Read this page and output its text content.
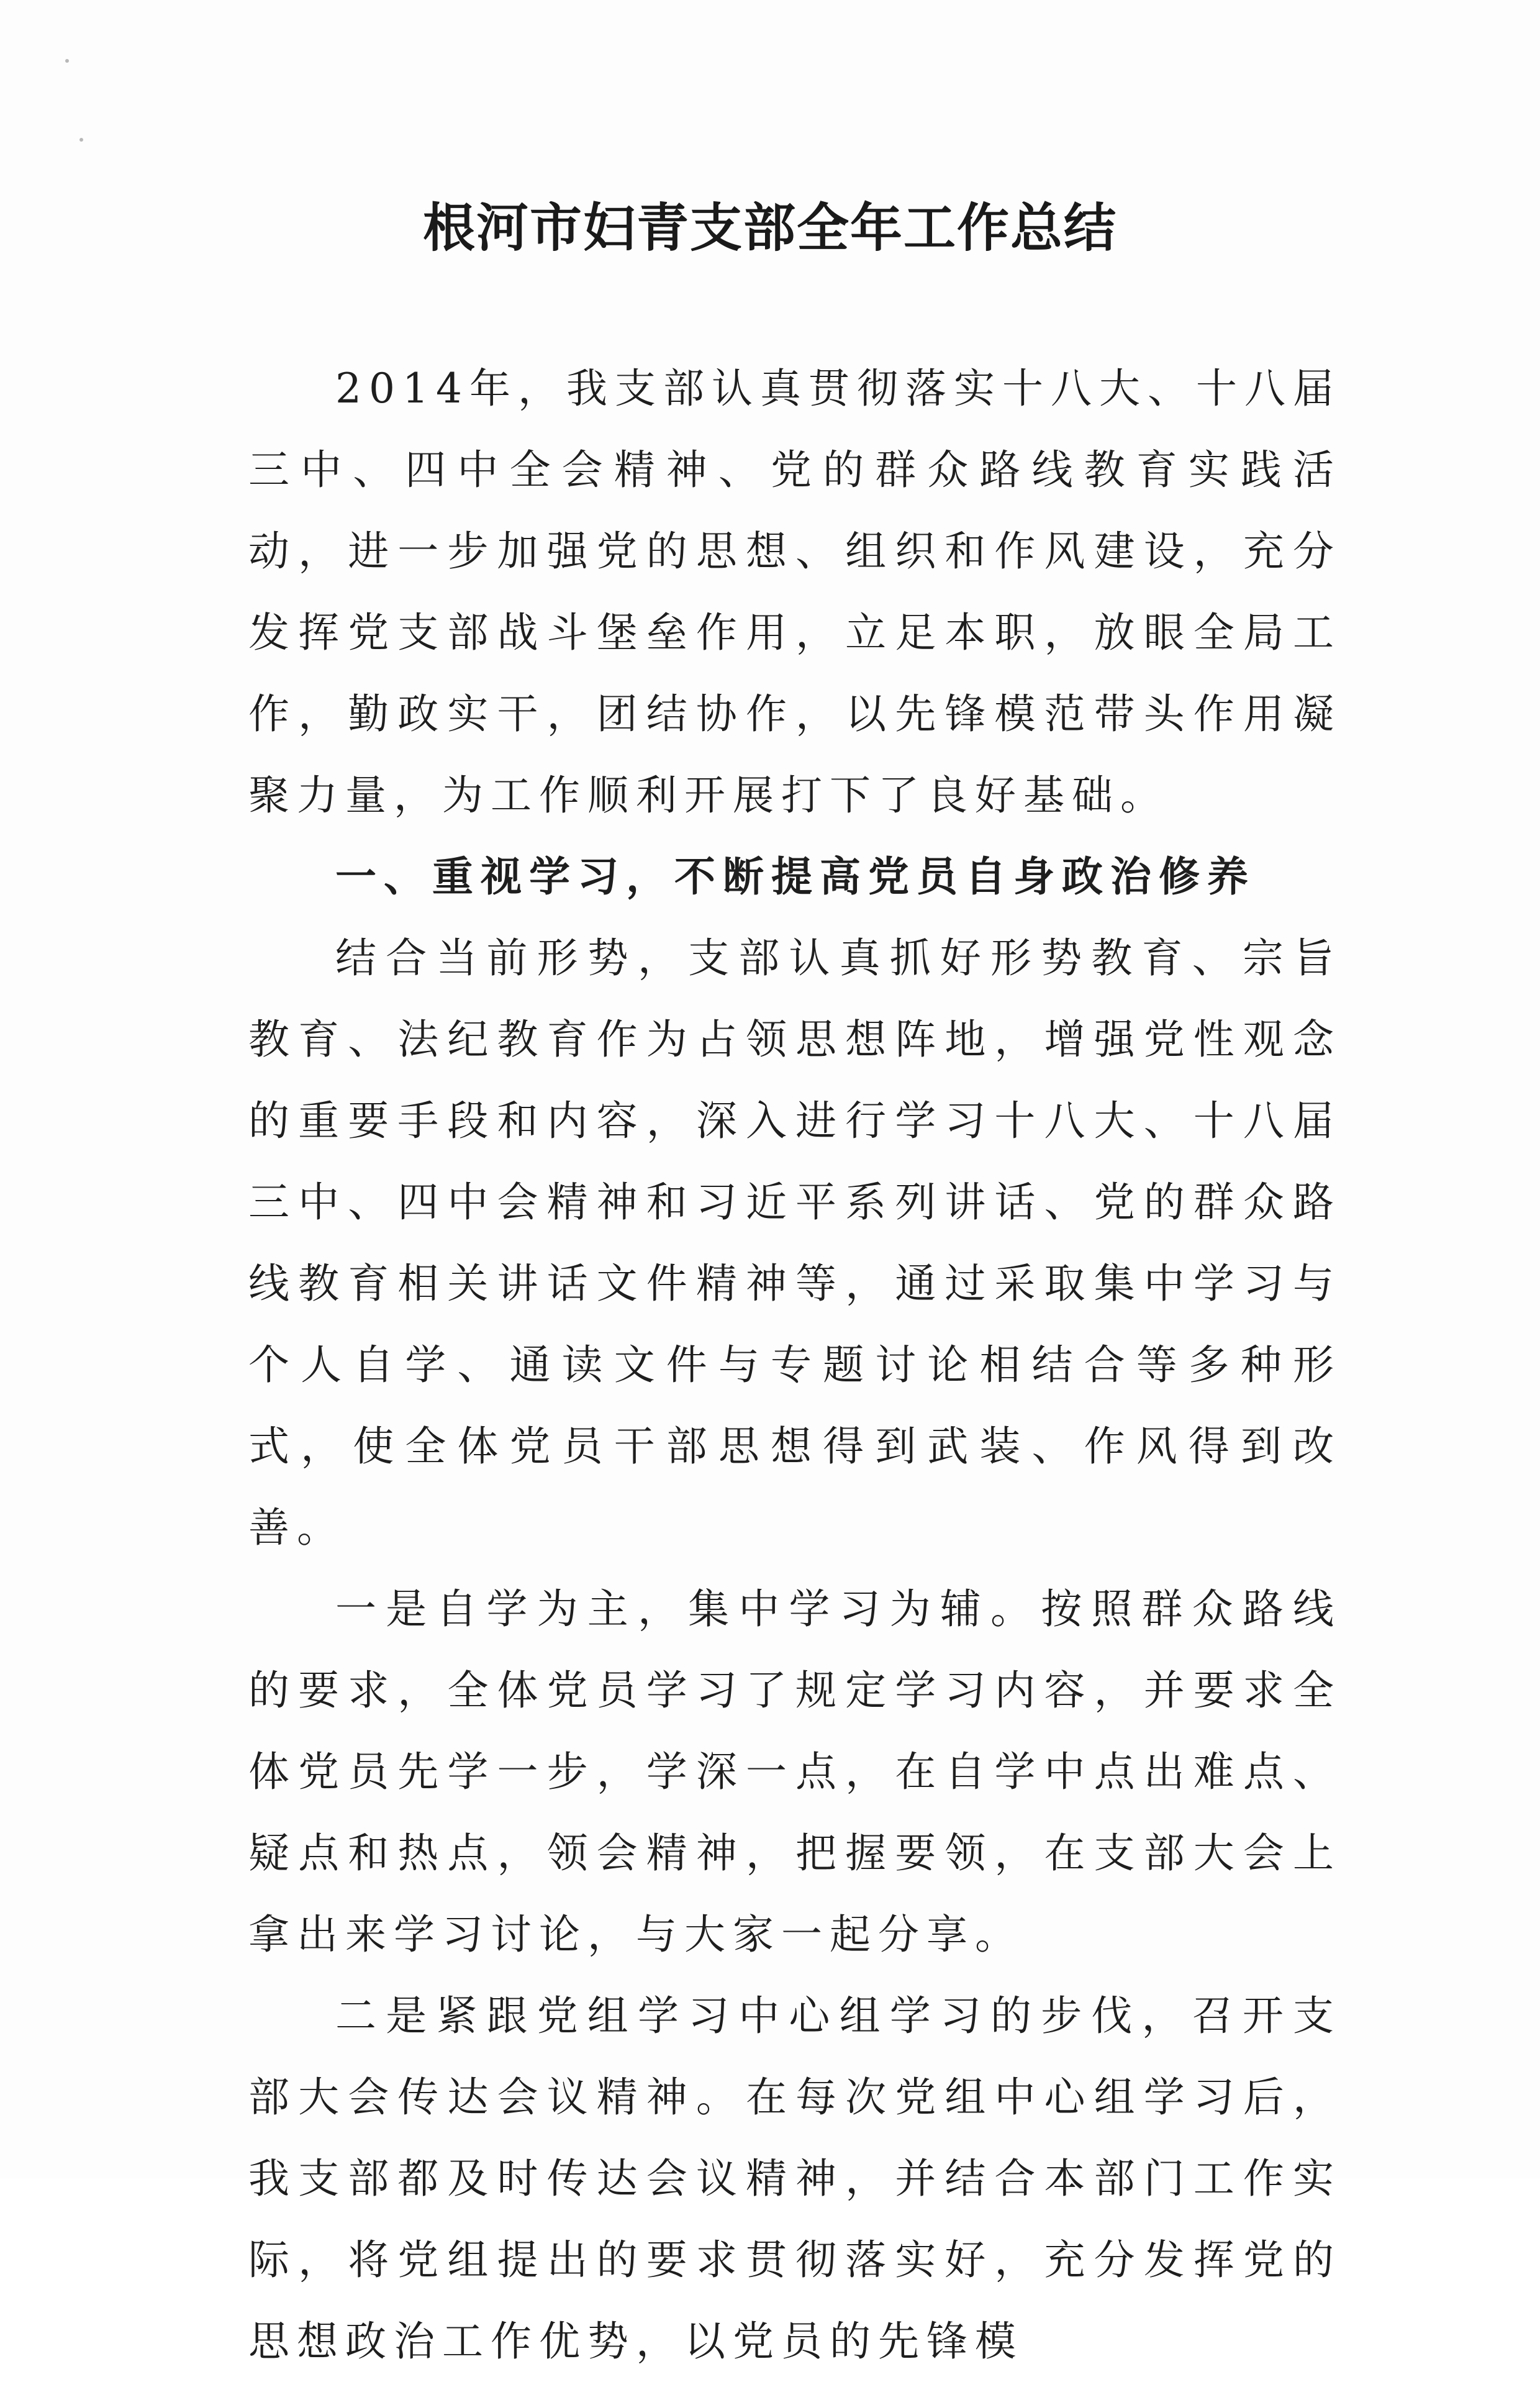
根河市妇青支部全年工作总结

2014年，我支部认真贯彻落实十八大、十八届三中、四中全会精神、党的群众路线教育实践活动，进一步加强党的思想、组织和作风建设，充分发挥党支部战斗堡垒作用，立足本职，放眼全局工作，勤政实干，团结协作，以先锋模范带头作用凝聚力量，为工作顺利开展打下了良好基础。

一、重视学习，不断提高党员自身政治修养

结合当前形势，支部认真抓好形势教育、宗旨教育、法纪教育作为占领思想阵地，增强党性观念的重要手段和内容，深入进行学习十八大、十八届三中、四中会精神和习近平系列讲话、党的群众路线教育相关讲话文件精神等，通过采取集中学习与个人自学、通读文件与专题讨论相结合等多种形式，使全体党员干部思想得到武装、作风得到改善。

一是自学为主，集中学习为辅。按照群众路线的要求，全体党员学习了规定学习内容，并要求全体党员先学一步，学深一点，在自学中点出难点、疑点和热点，领会精神，把握要领，在支部大会上拿出来学习讨论，与大家一起分享。

二是紧跟党组学习中心组学习的步伐，召开支部大会传达会议精神。在每次党组中心组学习后，我支部都及时传达会议精神，并结合本部门工作实际，将党组提出的要求贯彻落实好，充分发挥党的思想政治工作优势，以党员的先锋模
